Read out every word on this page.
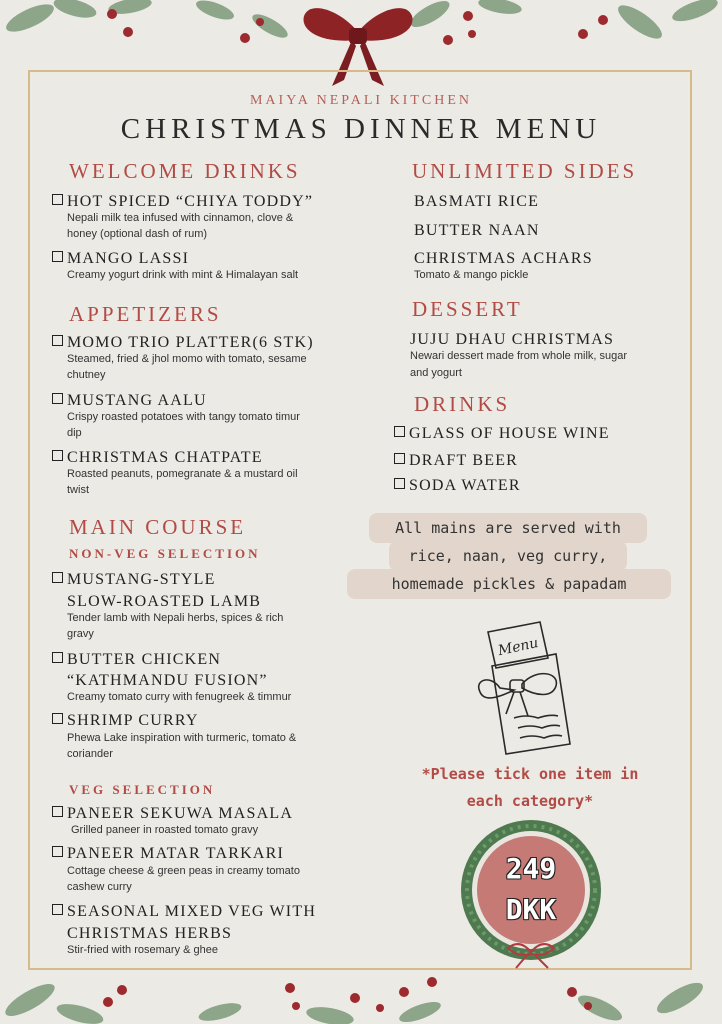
MAIYA NEPALI KITCHEN
CHRISTMAS DINNER MENU
WELCOME DRINKS
HOT SPICED “CHIYA TODDY”
Nepali milk tea infused with cinnamon, clove &
honey (optional dash of rum)
MANGO LASSI
Creamy yogurt drink with mint & Himalayan salt
APPETIZERS
MOMO TRIO PLATTER(6 STK)
Steamed, fried & jhol momo with tomato, sesame
chutney
MUSTANG AALU
Crispy roasted potatoes with tangy tomato timur
dip
CHRISTMAS CHATPATE
Roasted peanuts, pomegranate & a mustard oil
twist
MAIN COURSE
NON-VEG SELECTION
MUSTANG-STYLE
SLOW-ROASTED LAMB
Tender lamb with Nepali herbs, spices & rich
gravy
BUTTER CHICKEN
“KATHMANDU FUSION”
Creamy tomato curry with fenugreek & timmur
SHRIMP CURRY
Phewa Lake inspiration with turmeric, tomato &
coriander
VEG SELECTION
PANEER SEKUWA MASALA
Grilled paneer in roasted tomato gravy
PANEER MATAR TARKARI
Cottage cheese & green peas in creamy tomato
cashew curry
SEASONAL MIXED VEG WITH
CHRISTMAS HERBS
Stir-fried with rosemary & ghee
UNLIMITED SIDES
BASMATI RICE
BUTTER NAAN
CHRISTMAS ACHARS
Tomato & mango pickle
DESSERT
JUJU DHAU CHRISTMAS
Newari dessert made from whole milk, sugar
and yogurt
DRINKS
GLASS OF HOUSE WINE
DRAFT BEER
SODA WATER
All mains are served with
rice, naan, veg curry,
homemade pickles & papadam
Menu
*Please tick one item in
each category*
249
DKK
